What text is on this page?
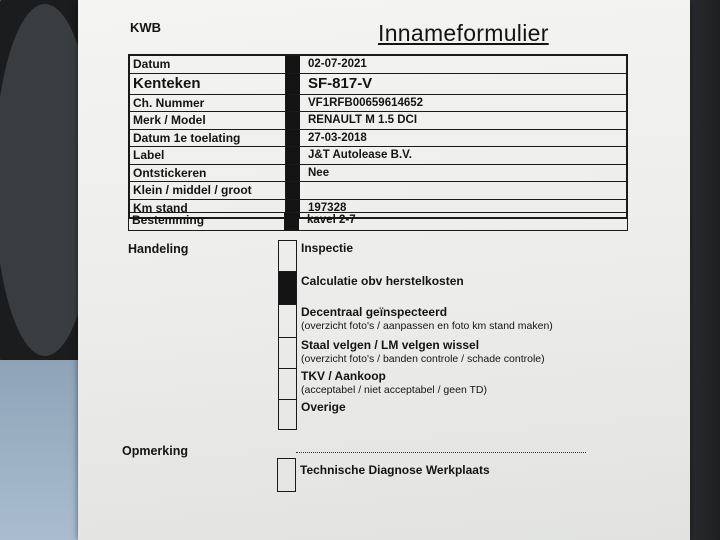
KWB	Innameformulier
Datum	02-07-2021
Kenteken	SF-817-V
Ch. Nummer	VF1RFB00659614652
Merk / Model	RENAULT M 1.5 DCI
Datum 1e toelating	27-03-2018
Label	J&T Autolease B.V.
Ontstickeren	Nee
Klein / middel / groot
Km stand	197328
Bestemming	kavel 2-7
Handeling	Inspectie
Calculatie obv herstelkosten
Decentraal geïnspecteerd
(overzicht foto's / aanpassen en foto km stand maken)
Staal velgen / LM velgen wissel
(overzicht foto's / banden controle / schade controle)
TKV / Aankoop
(acceptabel / niet acceptabel / geen TD)
Overige
Opmerking
Technische Diagnose Werkplaats
